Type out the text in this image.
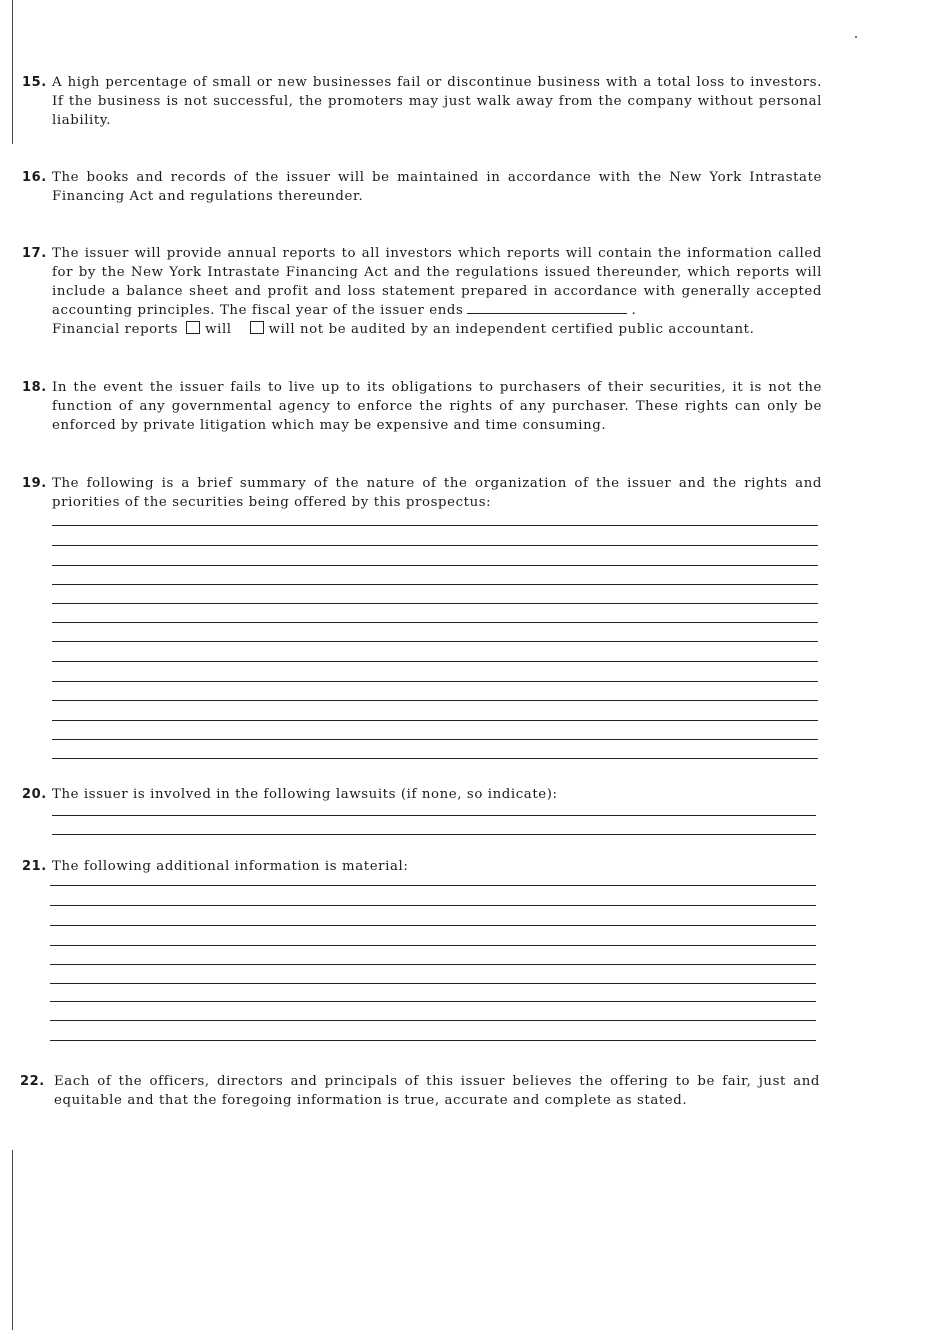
15. A high percentage of small or new businesses fail or discontinue business with a total loss to investors. If the business is not successful, the promoters may just walk away from the company without personal liability.
16. The books and records of the issuer will be maintained in accordance with the New York Intrastate Financing Act and regulations thereunder.
17. The issuer will provide annual reports to all investors which reports will contain the information called for by the New York Intrastate Financing Act and the regulations issued thereunder, which reports will include a balance sheet and profit and loss statement prepared in accordance with generally accepted accounting principles. The fiscal year of the issuer ends	.
Financial reports will	will not be audited by an independent certified public accountant.
18. In the event the issuer fails to live up to its obligations to purchasers of their securities, it is not the function of any governmental agency to enforce the rights of any purchaser. These rights can only be enforced by private litigation which may be expensive and time consuming.
19. The following is a brief summary of the nature of the organization of the issuer and the rights and priorities of the securities being offered by this prospectus:
20. The issuer is involved in the following lawsuits (if none, so indicate):
21. The following additional information is material:
22. Each of the officers, directors and principals of this issuer believes the offering to be fair, just and equitable and that the foregoing information is true, accurate and complete as stated.
